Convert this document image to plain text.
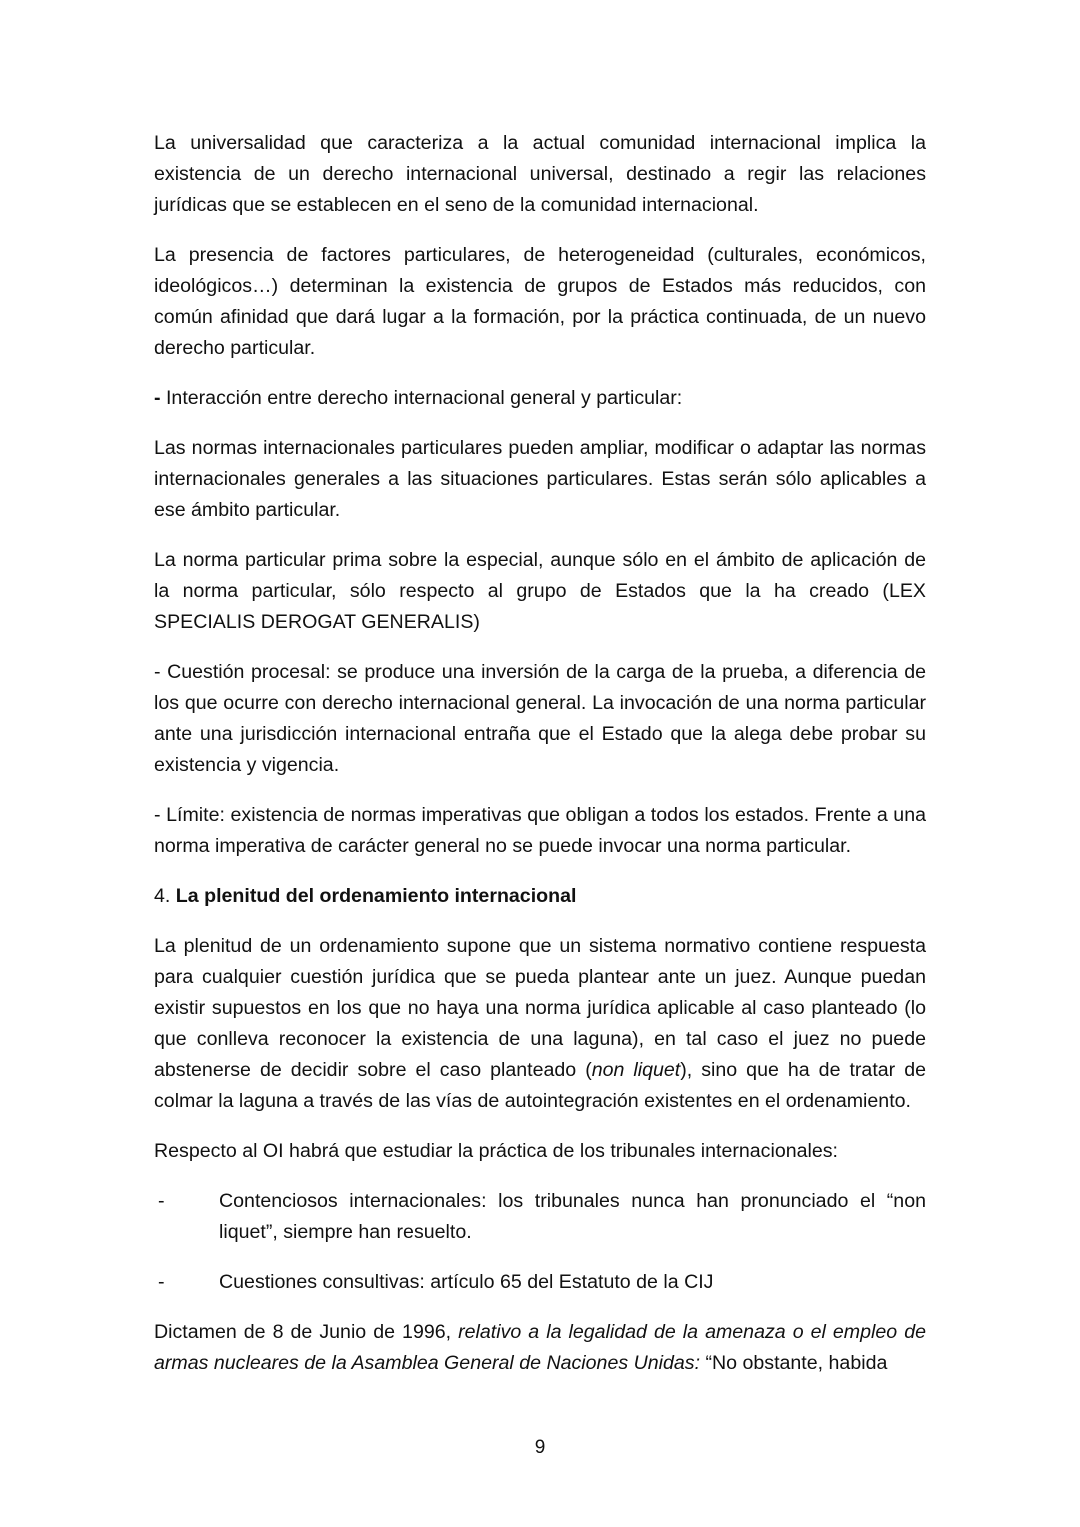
La universalidad que caracteriza a la actual comunidad internacional implica la existencia de un derecho internacional universal, destinado a regir las relaciones jurídicas que se establecen en el seno de la comunidad internacional.

La presencia de factores particulares, de heterogeneidad (culturales, económicos, ideológicos…) determinan la existencia de grupos de Estados más reducidos, con común afinidad que dará lugar a la formación, por la práctica continuada, de un nuevo derecho particular.

- Interacción entre derecho internacional general y particular:

Las normas internacionales particulares pueden ampliar, modificar o adaptar las normas internacionales generales a las situaciones particulares. Estas serán sólo aplicables a ese ámbito particular.

La norma particular prima sobre la especial, aunque sólo en el ámbito de aplicación de la norma particular, sólo respecto al grupo de Estados que la ha creado (LEX SPECIALIS DEROGAT GENERALIS)

- Cuestión procesal: se produce una inversión de la carga de la prueba, a diferencia de los que ocurre con derecho internacional general. La invocación de una norma particular ante una jurisdicción internacional entraña que el Estado que la alega debe probar su existencia y vigencia.

- Límite: existencia de normas imperativas que obligan a todos los estados. Frente a una norma imperativa de carácter general no se puede invocar una norma particular.

4. La plenitud del ordenamiento internacional

La plenitud de un ordenamiento supone que un sistema normativo contiene respuesta para cualquier cuestión jurídica que se pueda plantear ante un juez. Aunque puedan existir supuestos en los que no haya una norma jurídica aplicable al caso planteado (lo que conlleva reconocer la existencia de una laguna), en tal caso el juez no puede abstenerse de decidir sobre el caso planteado (non liquet), sino que ha de tratar de colmar la laguna a través de las vías de autointegración existentes en el ordenamiento.

Respecto al OI habrá que estudiar la práctica de los tribunales internacionales:

-	Contenciosos internacionales: los tribunales nunca han pronunciado el “non liquet”, siempre han resuelto.
-	Cuestiones consultivas: artículo 65 del Estatuto de la CIJ

Dictamen de 8 de Junio de 1996, relativo a la legalidad de la amenaza o el empleo de armas nucleares de la Asamblea General de Naciones Unidas: “No obstante, habida

9
